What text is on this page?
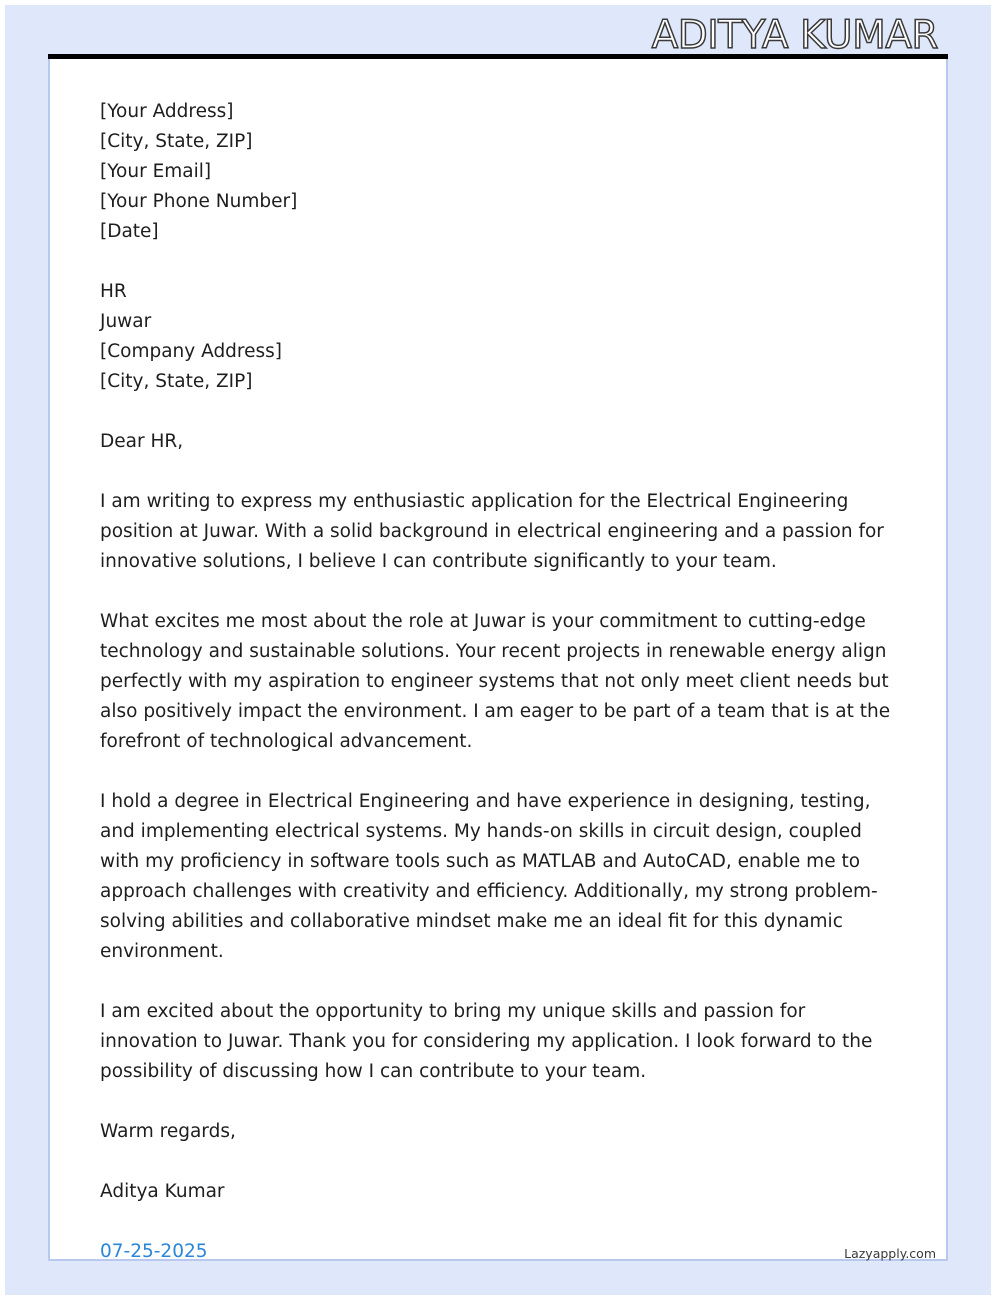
ADITYA KUMAR
[Your Address]
[City, State, ZIP]
[Your Email]
[Your Phone Number]
[Date]
HR
Juwar
[Company Address]
[City, State, ZIP]

Dear HR,

I am writing to express my enthusiastic application for the Electrical Engineering position at Juwar. With a solid background in electrical engineering and a passion for innovative solutions, I believe I can contribute significantly to your team.

What excites me most about the role at Juwar is your commitment to cutting-edge technology and sustainable solutions. Your recent projects in renewable energy align perfectly with my aspiration to engineer systems that not only meet client needs but also positively impact the environment. I am eager to be part of a team that is at the forefront of technological advancement.

I hold a degree in Electrical Engineering and have experience in designing, testing, and implementing electrical systems. My hands-on skills in circuit design, coupled with my proficiency in software tools such as MATLAB and AutoCAD, enable me to approach challenges with creativity and efficiency. Additionally, my strong problem-solving abilities and collaborative mindset make me an ideal fit for this dynamic environment.

I am excited about the opportunity to bring my unique skills and passion for innovation to Juwar. Thank you for considering my application. I look forward to the possibility of discussing how I can contribute to your team.

Warm regards,

Aditya Kumar

07-25-2025	Lazyapply.com
